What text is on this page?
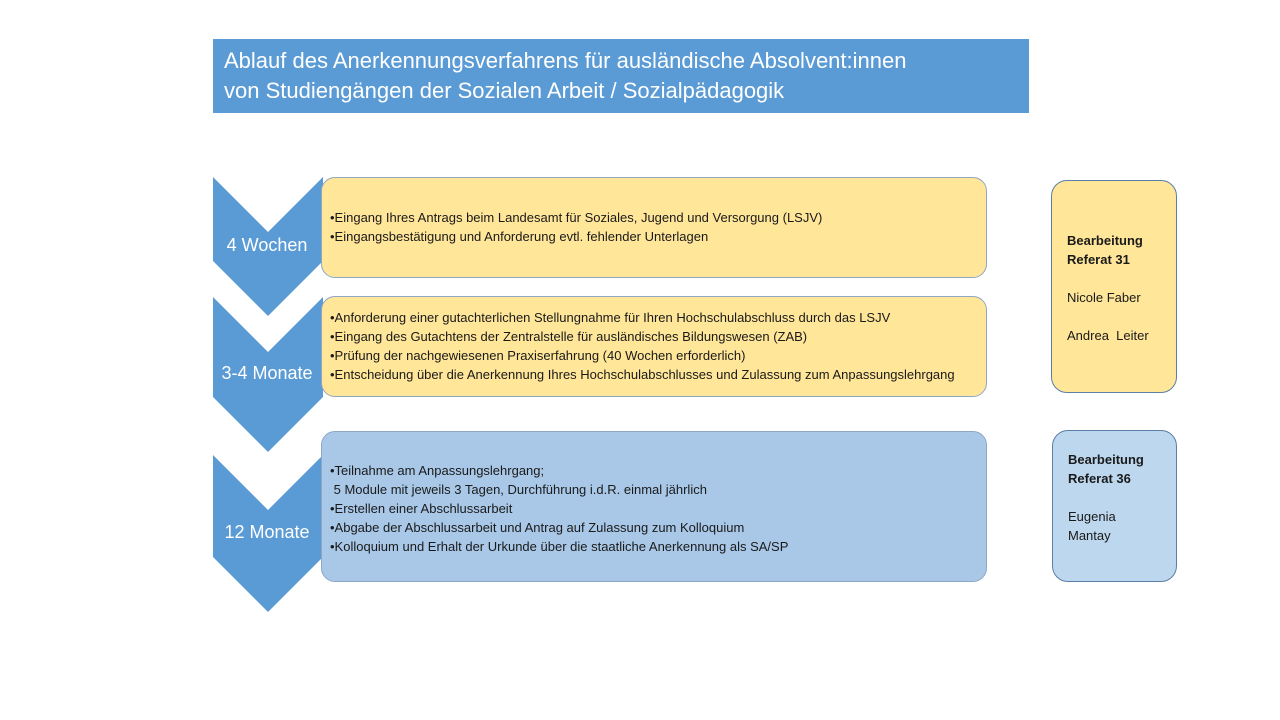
Ablauf des Anerkennungsverfahrens für ausländische Absolvent:innen
von Studiengängen der Sozialen Arbeit / Sozialpädagogik
4 Wochen
3-4 Monate
12 Monate
•Eingang Ihres Antrags beim Landesamt für Soziales, Jugend und Versorgung (LSJV)
•Eingangsbestätigung und Anforderung evtl. fehlender Unterlagen
•Anforderung einer gutachterlichen Stellungnahme für Ihren Hochschulabschluss durch das LSJV
•Eingang des Gutachtens der Zentralstelle für ausländisches Bildungswesen (ZAB)
•Prüfung der nachgewiesenen Praxiserfahrung (40 Wochen erforderlich)
•Entscheidung über die Anerkennung Ihres Hochschulabschlusses und Zulassung zum Anpassungslehrgang
•Teilnahme am Anpassungslehrgang;
5 Module mit jeweils 3 Tagen, Durchführung i.d.R. einmal jährlich
•Erstellen einer Abschlussarbeit
•Abgabe der Abschlussarbeit und Antrag auf Zulassung zum Kolloquium
•Kolloquium und Erhalt der Urkunde über die staatliche Anerkennung als SA/SP
Bearbeitung
Referat 31
Nicole Faber
Andrea  Leiter
Bearbeitung
Referat 36
Eugenia
Mantay
